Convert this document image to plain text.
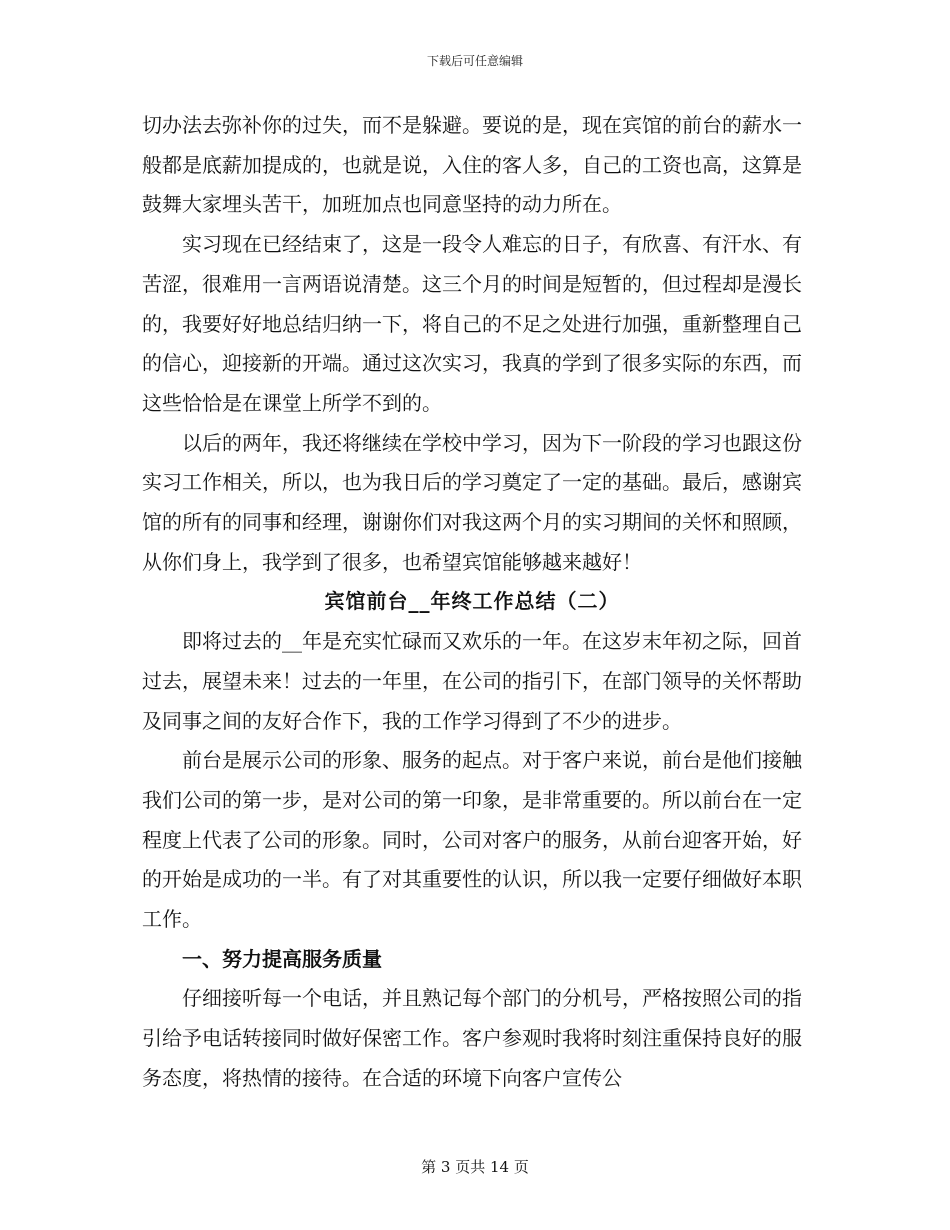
下载后可任意编辑

切办法去弥补你的过失，而不是躲避。要说的是，现在宾馆的前台的薪水一般都是底薪加提成的，也就是说，入住的客人多，自己的工资也高，这算是鼓舞大家埋头苦干，加班加点也同意坚持的动力所在。

实习现在已经结束了，这是一段令人难忘的日子，有欣喜、有汗水、有苦涩，很难用一言两语说清楚。这三个月的时间是短暂的，但过程却是漫长的，我要好好地总结归纳一下，将自己的不足之处进行加强，重新整理自己的信心，迎接新的开端。通过这次实习，我真的学到了很多实际的东西，而这些恰恰是在课堂上所学不到的。

以后的两年，我还将继续在学校中学习，因为下一阶段的学习也跟这份实习工作相关，所以，也为我日后的学习奠定了一定的基础。最后，感谢宾馆的所有的同事和经理，谢谢你们对我这两个月的实习期间的关怀和照顾，从你们身上，我学到了很多，也希望宾馆能够越来越好！

宾馆前台__年终工作总结（二）

即将过去的__年是充实忙碌而又欢乐的一年。在这岁末年初之际，回首过去，展望未来！过去的一年里，在公司的指引下，在部门领导的关怀帮助及同事之间的友好合作下，我的工作学习得到了不少的进步。

前台是展示公司的形象、服务的起点。对于客户来说，前台是他们接触我们公司的第一步，是对公司的第一印象，是非常重要的。所以前台在一定程度上代表了公司的形象。同时，公司对客户的服务，从前台迎客开始，好的开始是成功的一半。有了对其重要性的认识，所以我一定要仔细做好本职工作。

一、努力提高服务质量

仔细接听每一个电话，并且熟记每个部门的分机号，严格按照公司的指引给予电话转接同时做好保密工作。客户参观时我将时刻注重保持良好的服务态度，将热情的接待。在合适的环境下向客户宣传公

第 3 页共 14 页
